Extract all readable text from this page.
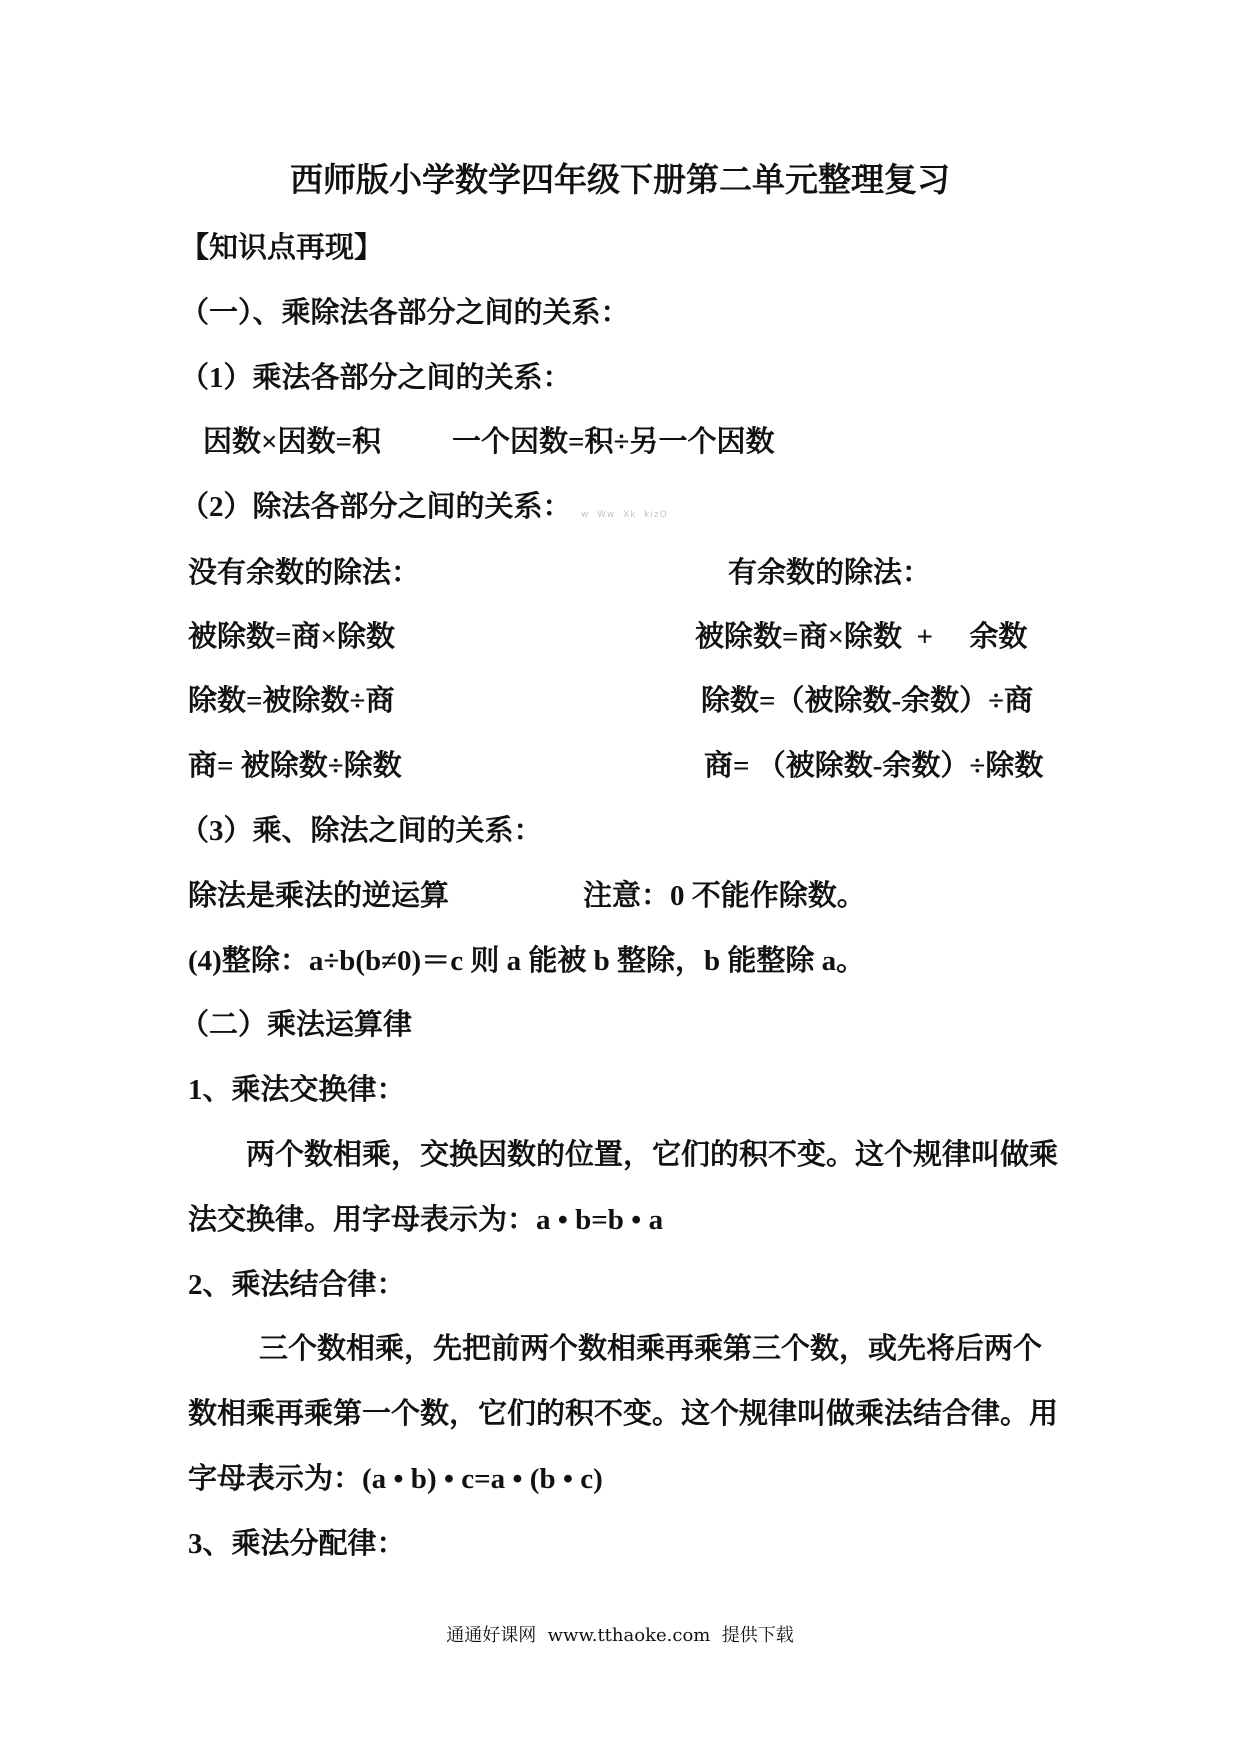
西师版小学数学四年级下册第二单元整理复习
【知识点再现】
（一）、乘除法各部分之间的关系：
（1）乘法各部分之间的关系：
因数×因数=积 一个因数=积÷另一个因数
（2）除法各部分之间的关系： w  Ww  Xk  kizO
没有余数的除法：	有余数的除法：
被除数=商×除数	被除数=商×除数  +     余数
除数=被除数÷商	除数=（被除数-余数）÷商
商= 被除数÷除数	商= （被除数-余数）÷除数
（3）乘、除法之间的关系：
除法是乘法的逆运算	注意：0 不能作除数。
(4)整除：a÷b(b≠0)＝c 则 a 能被 b 整除，b 能整除 a。
（二）乘法运算律
1、乘法交换律：
两个数相乘，交换因数的位置，它们的积不变。这个规律叫做乘
法交换律。用字母表示为：a • b=b • a
2、乘法结合律：
三个数相乘，先把前两个数相乘再乘第三个数，或先将后两个
数相乘再乘第一个数，它们的积不变。这个规律叫做乘法结合律。用
字母表示为：(a • b) • c=a • (b • c)
3、乘法分配律：
通通好课网  www.tthaoke.com  提供下载
